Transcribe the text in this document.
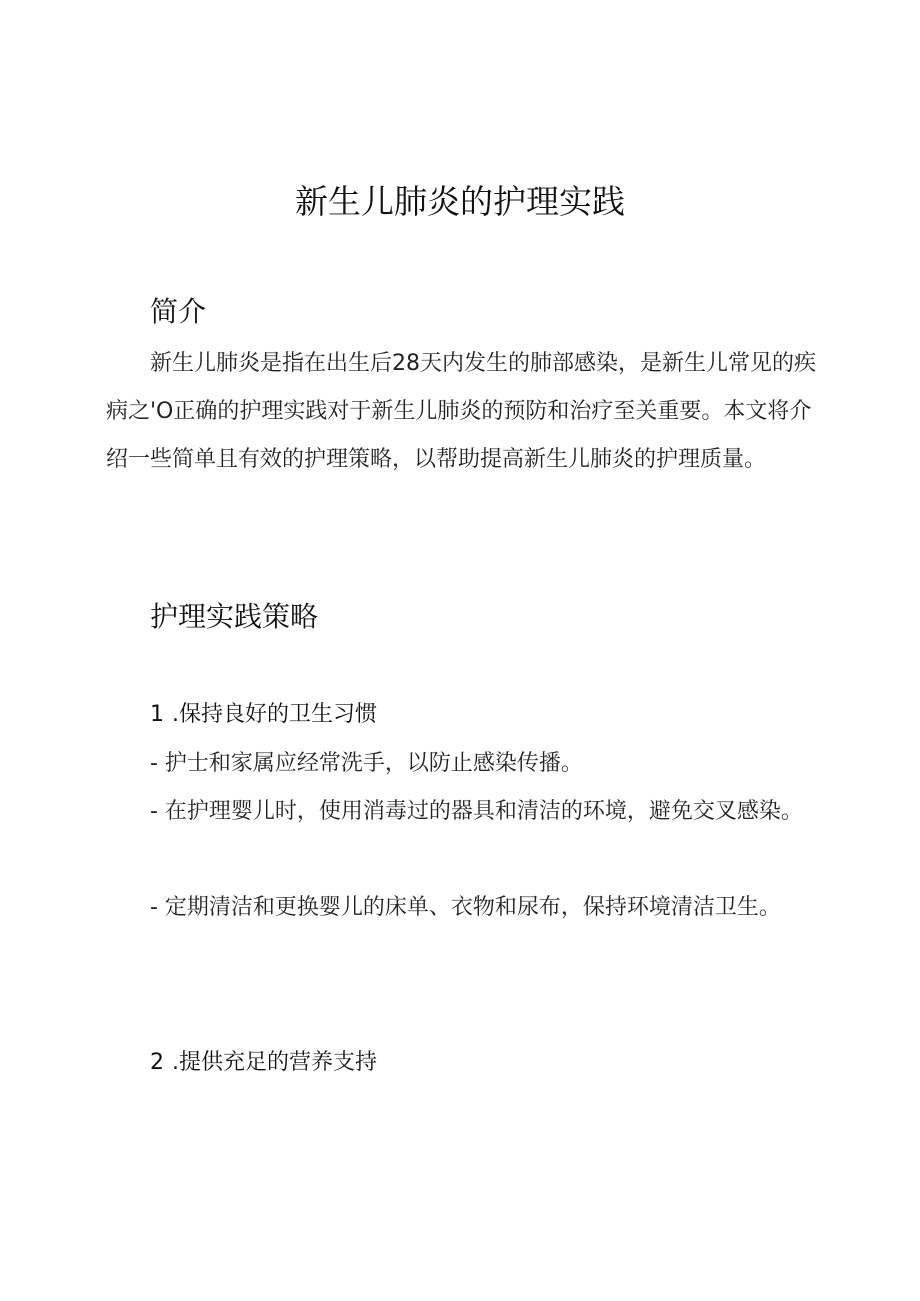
新生儿肺炎的护理实践
简介
新生儿肺炎是指在出生后28天内发生的肺部感染，是新生儿常见的疾病之'O正确的护理实践对于新生儿肺炎的预防和治疗至关重要。本文将介绍一些简单且有效的护理策略，以帮助提高新生儿肺炎的护理质量。
护理实践策略
1 .保持良好的卫生习惯
- 护士和家属应经常洗手，以防止感染传播。
- 在护理婴儿时，使用消毒过的器具和清洁的环境，避免交叉感染。
- 定期清洁和更换婴儿的床单、衣物和尿布，保持环境清洁卫生。
2 .提供充足的营养支持
